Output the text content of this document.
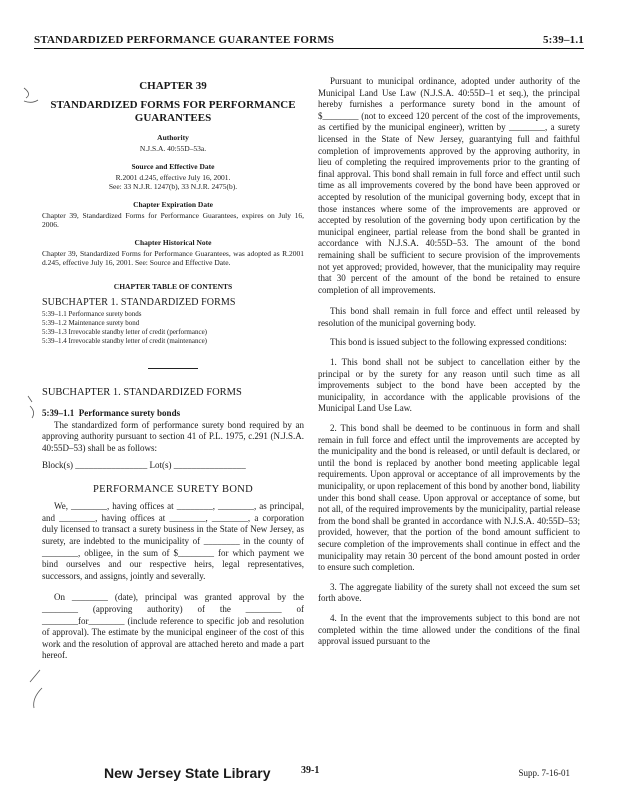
STANDARDIZED PERFORMANCE GUARANTEE FORMS	5:39–1.1

CHAPTER 39

STANDARDIZED FORMS FOR PERFORMANCE GUARANTEES

Authority

N.J.S.A. 40:55D–53a.

Source and Effective Date

R.2001 d.245, effective July 16, 2001.

See: 33 N.J.R. 1247(b), 33 N.J.R. 2475(b).

Chapter Expiration Date

Chapter 39, Standardized Forms for Performance Guarantees, expires on July 16, 2006.

Chapter Historical Note

Chapter 39, Standardized Forms for Performance Guarantees, was adopted as R.2001 d.245, effective July 16, 2001. See: Source and Effective Date.

CHAPTER TABLE OF CONTENTS

SUBCHAPTER 1. STANDARDIZED FORMS

5:39–1.1 Performance surety bonds

5:39–1.2 Maintenance surety bond

5:39–1.3 Irrevocable standby letter of credit (performance)

5:39–1.4 Irrevocable standby letter of credit (maintenance)

SUBCHAPTER 1. STANDARDIZED FORMS

5:39–1.1 Performance surety bonds

The standardized form of performance surety bond required by an approving authority pursuant to section 41 of P.L. 1975, c.291 (N.J.S.A. 40:55D–53) shall be as follows:

Block(s) ________________ Lot(s) ________________

PERFORMANCE SURETY BOND

We, ________, having offices at ________, ________, as principal, and ________, having offices at ________, ________, a corporation duly licensed to transact a surety business in the State of New Jersey, as surety, are indebted to the municipality of ________ in the county of ________, obligee, in the sum of $________ for which payment we bind ourselves and our respective heirs, legal representatives, successors, and assigns, jointly and severally.

On ________ (date), principal was granted approval by the ________ (approving authority) of the ________ of ________for________ (include reference to specific job and resolution of approval). The estimate by the municipal engineer of the cost of this work and the resolution of approval are attached hereto and made a part hereof.

Pursuant to municipal ordinance, adopted under authority of the Municipal Land Use Law (N.J.S.A. 40:55D–1 et seq.), the principal hereby furnishes a performance surety bond in the amount of $________ (not to exceed 120 percent of the cost of the improvements, as certified by the municipal engineer), written by ________, a surety licensed in the State of New Jersey, guarantying full and faithful completion of improvements approved by the approving authority, in lieu of completing the required improvements prior to the granting of final approval. This bond shall remain in full force and effect until such time as all improvements covered by the bond have been approved or accepted by resolution of the municipal governing body, except that in those instances where some of the improvements are approved or accepted by resolution of the governing body upon certification by the municipal engineer, partial release from the bond shall be granted in accordance with N.J.S.A. 40:55D–53. The amount of the bond remaining shall be sufficient to secure provision of the improvements not yet approved; provided, however, that the municipality may require that 30 percent of the amount of the bond be retained to ensure completion of all improvements.

This bond shall remain in full force and effect until released by resolution of the municipal governing body.

This bond is issued subject to the following expressed conditions:

1. This bond shall not be subject to cancellation either by the principal or by the surety for any reason until such time as all improvements subject to the bond have been accepted by the municipality, in accordance with the applicable provisions of the Municipal Land Use Law.

2. This bond shall be deemed to be continuous in form and shall remain in full force and effect until the improvements are accepted by the municipality and the bond is released, or until default is declared, or until the bond is replaced by another bond meeting applicable legal requirements. Upon approval or acceptance of all improvements by the municipality, or upon replacement of this bond by another bond, liability under this bond shall cease. Upon approval or acceptance of some, but not all, of the required improvements by the municipality, partial release from the bond shall be granted in accordance with N.J.S.A. 40:55D–53; provided, however, that the portion of the bond amount sufficient to secure completion of the improvements shall continue in effect and the municipality may retain 30 percent of the bond amount posted in order to ensure such completion.

3. The aggregate liability of the surety shall not exceed the sum set forth above.

4. In the event that the improvements subject to this bond are not completed within the time allowed under the conditions of the final approval issued pursuant to the

New Jersey State Library	39-1	Supp. 7-16-01
